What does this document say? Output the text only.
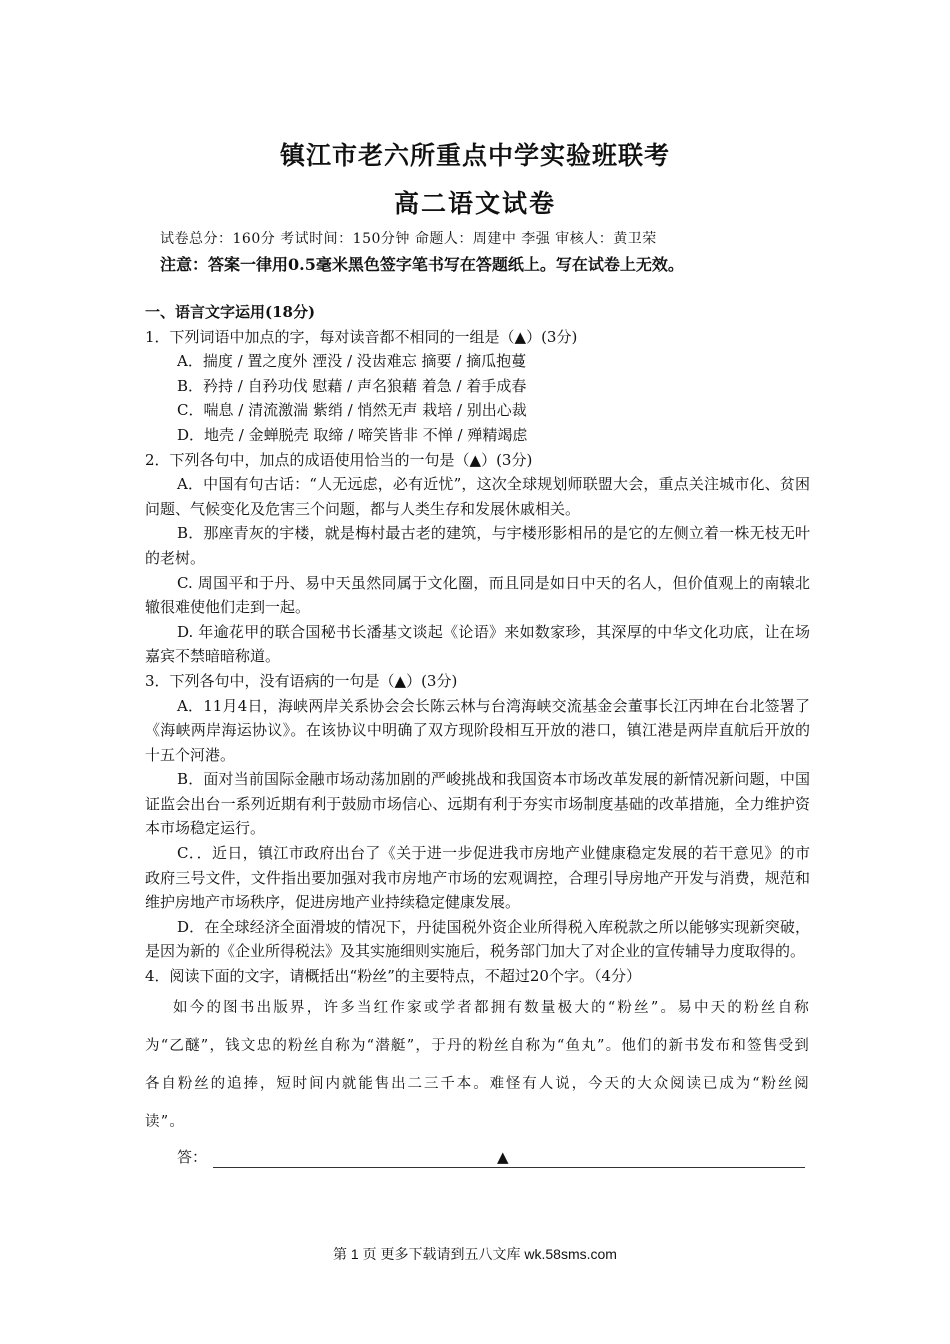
镇江市老六所重点中学实验班联考
高二语文试卷
试卷总分：160分 考试时间：150分钟 命题人：周建中 李强 审核人：黄卫荣
注意：答案一律用0.5毫米黑色签字笔书写在答题纸上。写在试卷上无效。
一、语言文字运用(18分)
1．下列词语中加点的字，每对读音都不相同的一组是（▲）(3分)
A．揣度 / 置之度外 湮没 / 没齿难忘 摘要 / 摘瓜抱蔓
B．矜持 / 自矜功伐 慰藉 / 声名狼藉 着急 / 着手成春
C．喘息 / 清流激湍 紫绡 / 悄然无声 栽培 / 别出心裁
D．地壳 / 金蝉脱壳 取缔 / 啼笑皆非 不惮 / 殚精竭虑
2．下列各句中，加点的成语使用恰当的一句是（▲）(3分)
A．中国有句古话：“人无远虑，必有近忧”，这次全球规划师联盟大会，重点关注城市化、贫困问题、气候变化及危害三个问题，都与人类生存和发展休戚相关。
B．那座青灰的宇楼，就是梅村最古老的建筑，与宇楼形影相吊的是它的左侧立着一株无枝无叶的老树。
C. 周国平和于丹、易中天虽然同属于文化圈，而且同是如日中天的名人，但价值观上的南辕北辙很难使他们走到一起。
D. 年逾花甲的联合国秘书长潘基文谈起《论语》来如数家珍，其深厚的中华文化功底，让在场嘉宾不禁暗暗称道。
3．下列各句中，没有语病的一句是（▲）(3分)
A．11月4日，海峡两岸关系协会会长陈云林与台湾海峡交流基金会董事长江丙坤在台北签署了《海峡两岸海运协议》。在该协议中明确了双方现阶段相互开放的港口，镇江港是两岸直航后开放的十五个河港。
B．面对当前国际金融市场动荡加剧的严峻挑战和我国资本市场改革发展的新情况新问题，中国证监会出台一系列近期有利于鼓励市场信心、远期有利于夯实市场制度基础的改革措施，全力维护资本市场稳定运行。
C．．近日，镇江市政府出台了《关于进一步促进我市房地产业健康稳定发展的若干意见》的市政府三号文件，文件指出要加强对我市房地产市场的宏观调控，合理引导房地产开发与消费，规范和维护房地产市场秩序，促进房地产业持续稳定健康发展。
D．在全球经济全面滑坡的情况下，丹徒国税外资企业所得税入库税款之所以能够实现新突破，是因为新的《企业所得税法》及其实施细则实施后，税务部门加大了对企业的宣传辅导力度取得的。
4．阅读下面的文字，请概括出“粉丝”的主要特点，不超过20个字。（4分）
如今的图书出版界，许多当红作家或学者都拥有数量极大的“粉丝”。易中天的粉丝自称为“乙醚”，钱文忠的粉丝自称为“潜艇”，于丹的粉丝自称为“鱼丸”。他们的新书发布和签售受到各自粉丝的追捧，短时间内就能售出二三千本。难怪有人说，今天的大众阅读已成为“粉丝阅读”。
答：	▲
第 1 页 更多下载请到五八文库 wk.58sms.com
